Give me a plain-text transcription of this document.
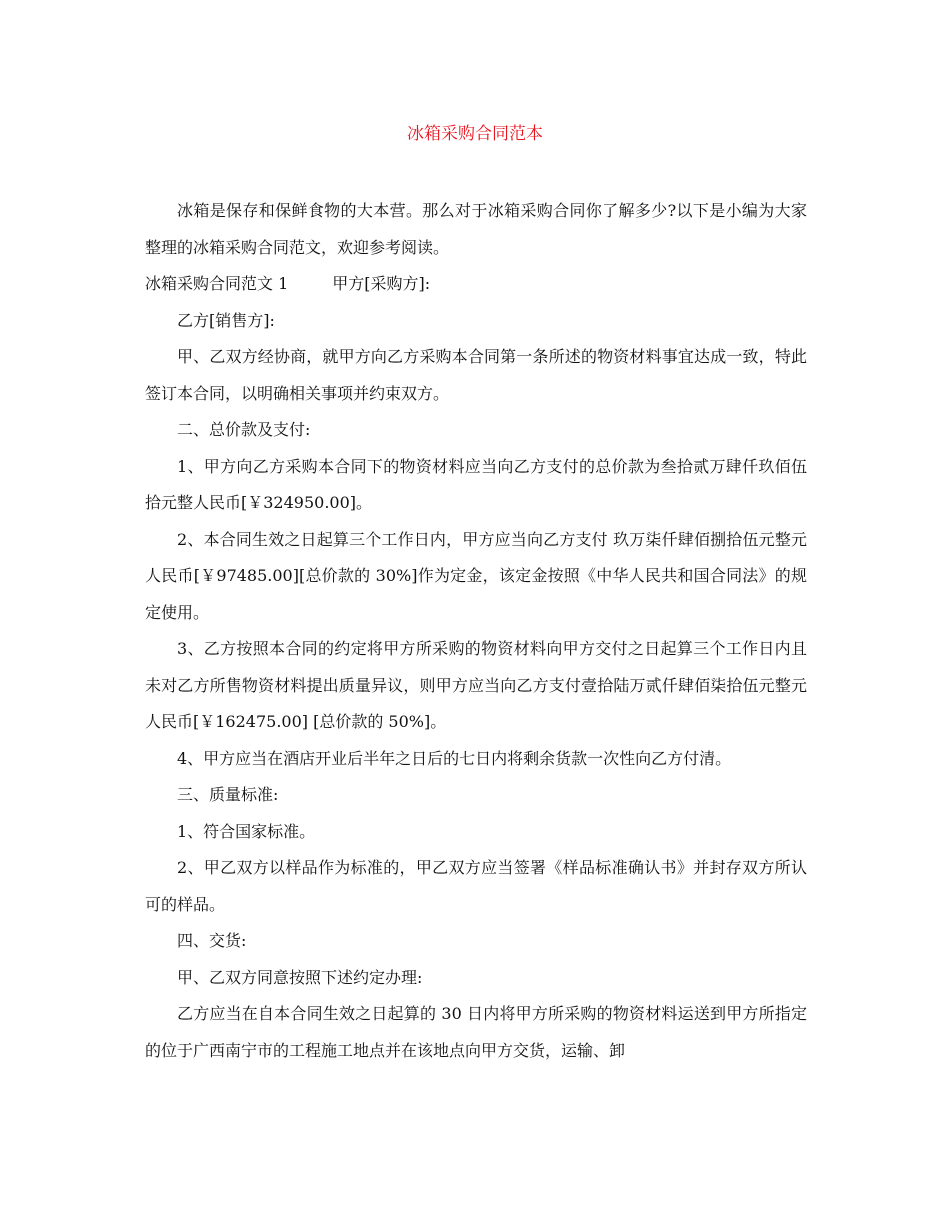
冰箱采购合同范本

冰箱是保存和保鲜食物的大本营。那么对于冰箱采购合同你了解多少?以下是小编为大家整理的冰箱采购合同范文，欢迎参考阅读。

冰箱采购合同范文 1	甲方[采购方]:

乙方[销售方]:

甲、乙双方经协商，就甲方向乙方采购本合同第一条所述的物资材料事宜达成一致，特此签订本合同，以明确相关事项并约束双方。

二、总价款及支付:

1、甲方向乙方采购本合同下的物资材料应当向乙方支付的总价款为叁拾贰万肆仟玖佰伍拾元整人民币[￥324950.00]。

2、本合同生效之日起算三个工作日内，甲方应当向乙方支付 玖万柒仟肆佰捌拾伍元整元人民币[￥97485.00][总价款的 30%]作为定金，该定金按照《中华人民共和国合同法》的规定使用。

3、乙方按照本合同的约定将甲方所采购的物资材料向甲方交付之日起算三个工作日内且未对乙方所售物资材料提出质量异议，则甲方应当向乙方支付壹拾陆万贰仟肆佰柒拾伍元整元人民币[￥162475.00] [总价款的 50%]。

4、甲方应当在酒店开业后半年之日后的七日内将剩余货款一次性向乙方付清。

三、质量标准:

1、符合国家标准。

2、甲乙双方以样品作为标准的，甲乙双方应当签署《样品标准确认书》并封存双方所认可的样品。

四、交货:

甲、乙双方同意按照下述约定办理:

乙方应当在自本合同生效之日起算的 30 日内将甲方所采购的物资材料运送到甲方所指定的位于广西南宁市的工程施工地点并在该地点向甲方交货，运输、卸
